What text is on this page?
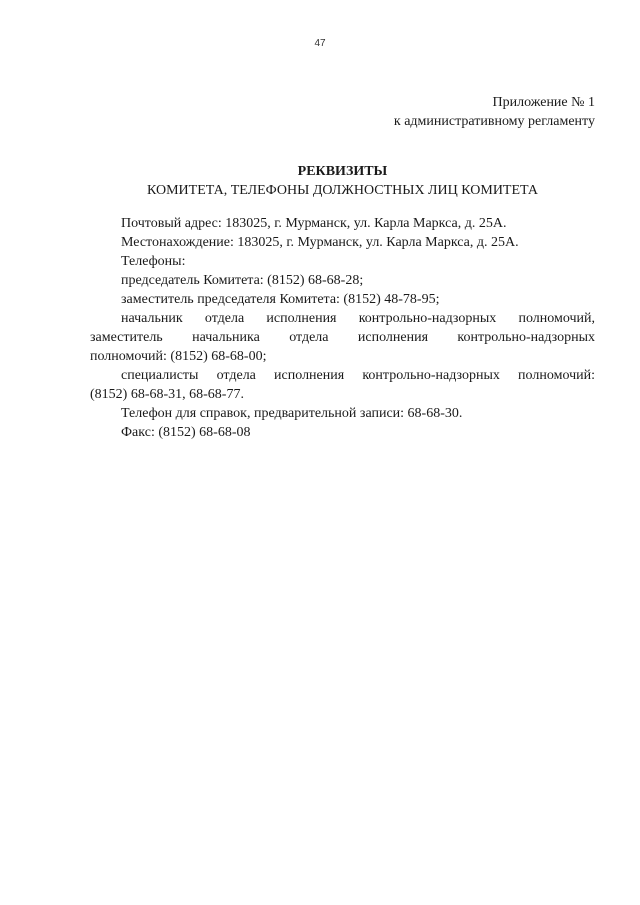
47
Приложение № 1
к административному регламенту
РЕКВИЗИТЫ
КОМИТЕТА, ТЕЛЕФОНЫ ДОЛЖНОСТНЫХ ЛИЦ КОМИТЕТА
Почтовый адрес: 183025, г. Мурманск, ул. Карла Маркса, д. 25А.
Местонахождение: 183025, г. Мурманск, ул. Карла Маркса, д. 25А.
Телефоны:
председатель Комитета: (8152) 68-68-28;
заместитель председателя Комитета: (8152) 48-78-95;
начальник отдела исполнения контрольно-надзорных полномочий,
заместитель начальника отдела исполнения контрольно-надзорных
полномочий: (8152) 68-68-00;
специалисты отдела исполнения контрольно-надзорных полномочий:
(8152) 68-68-31, 68-68-77.
Телефон для справок, предварительной записи: 68-68-30.
Факс: (8152) 68-68-08
